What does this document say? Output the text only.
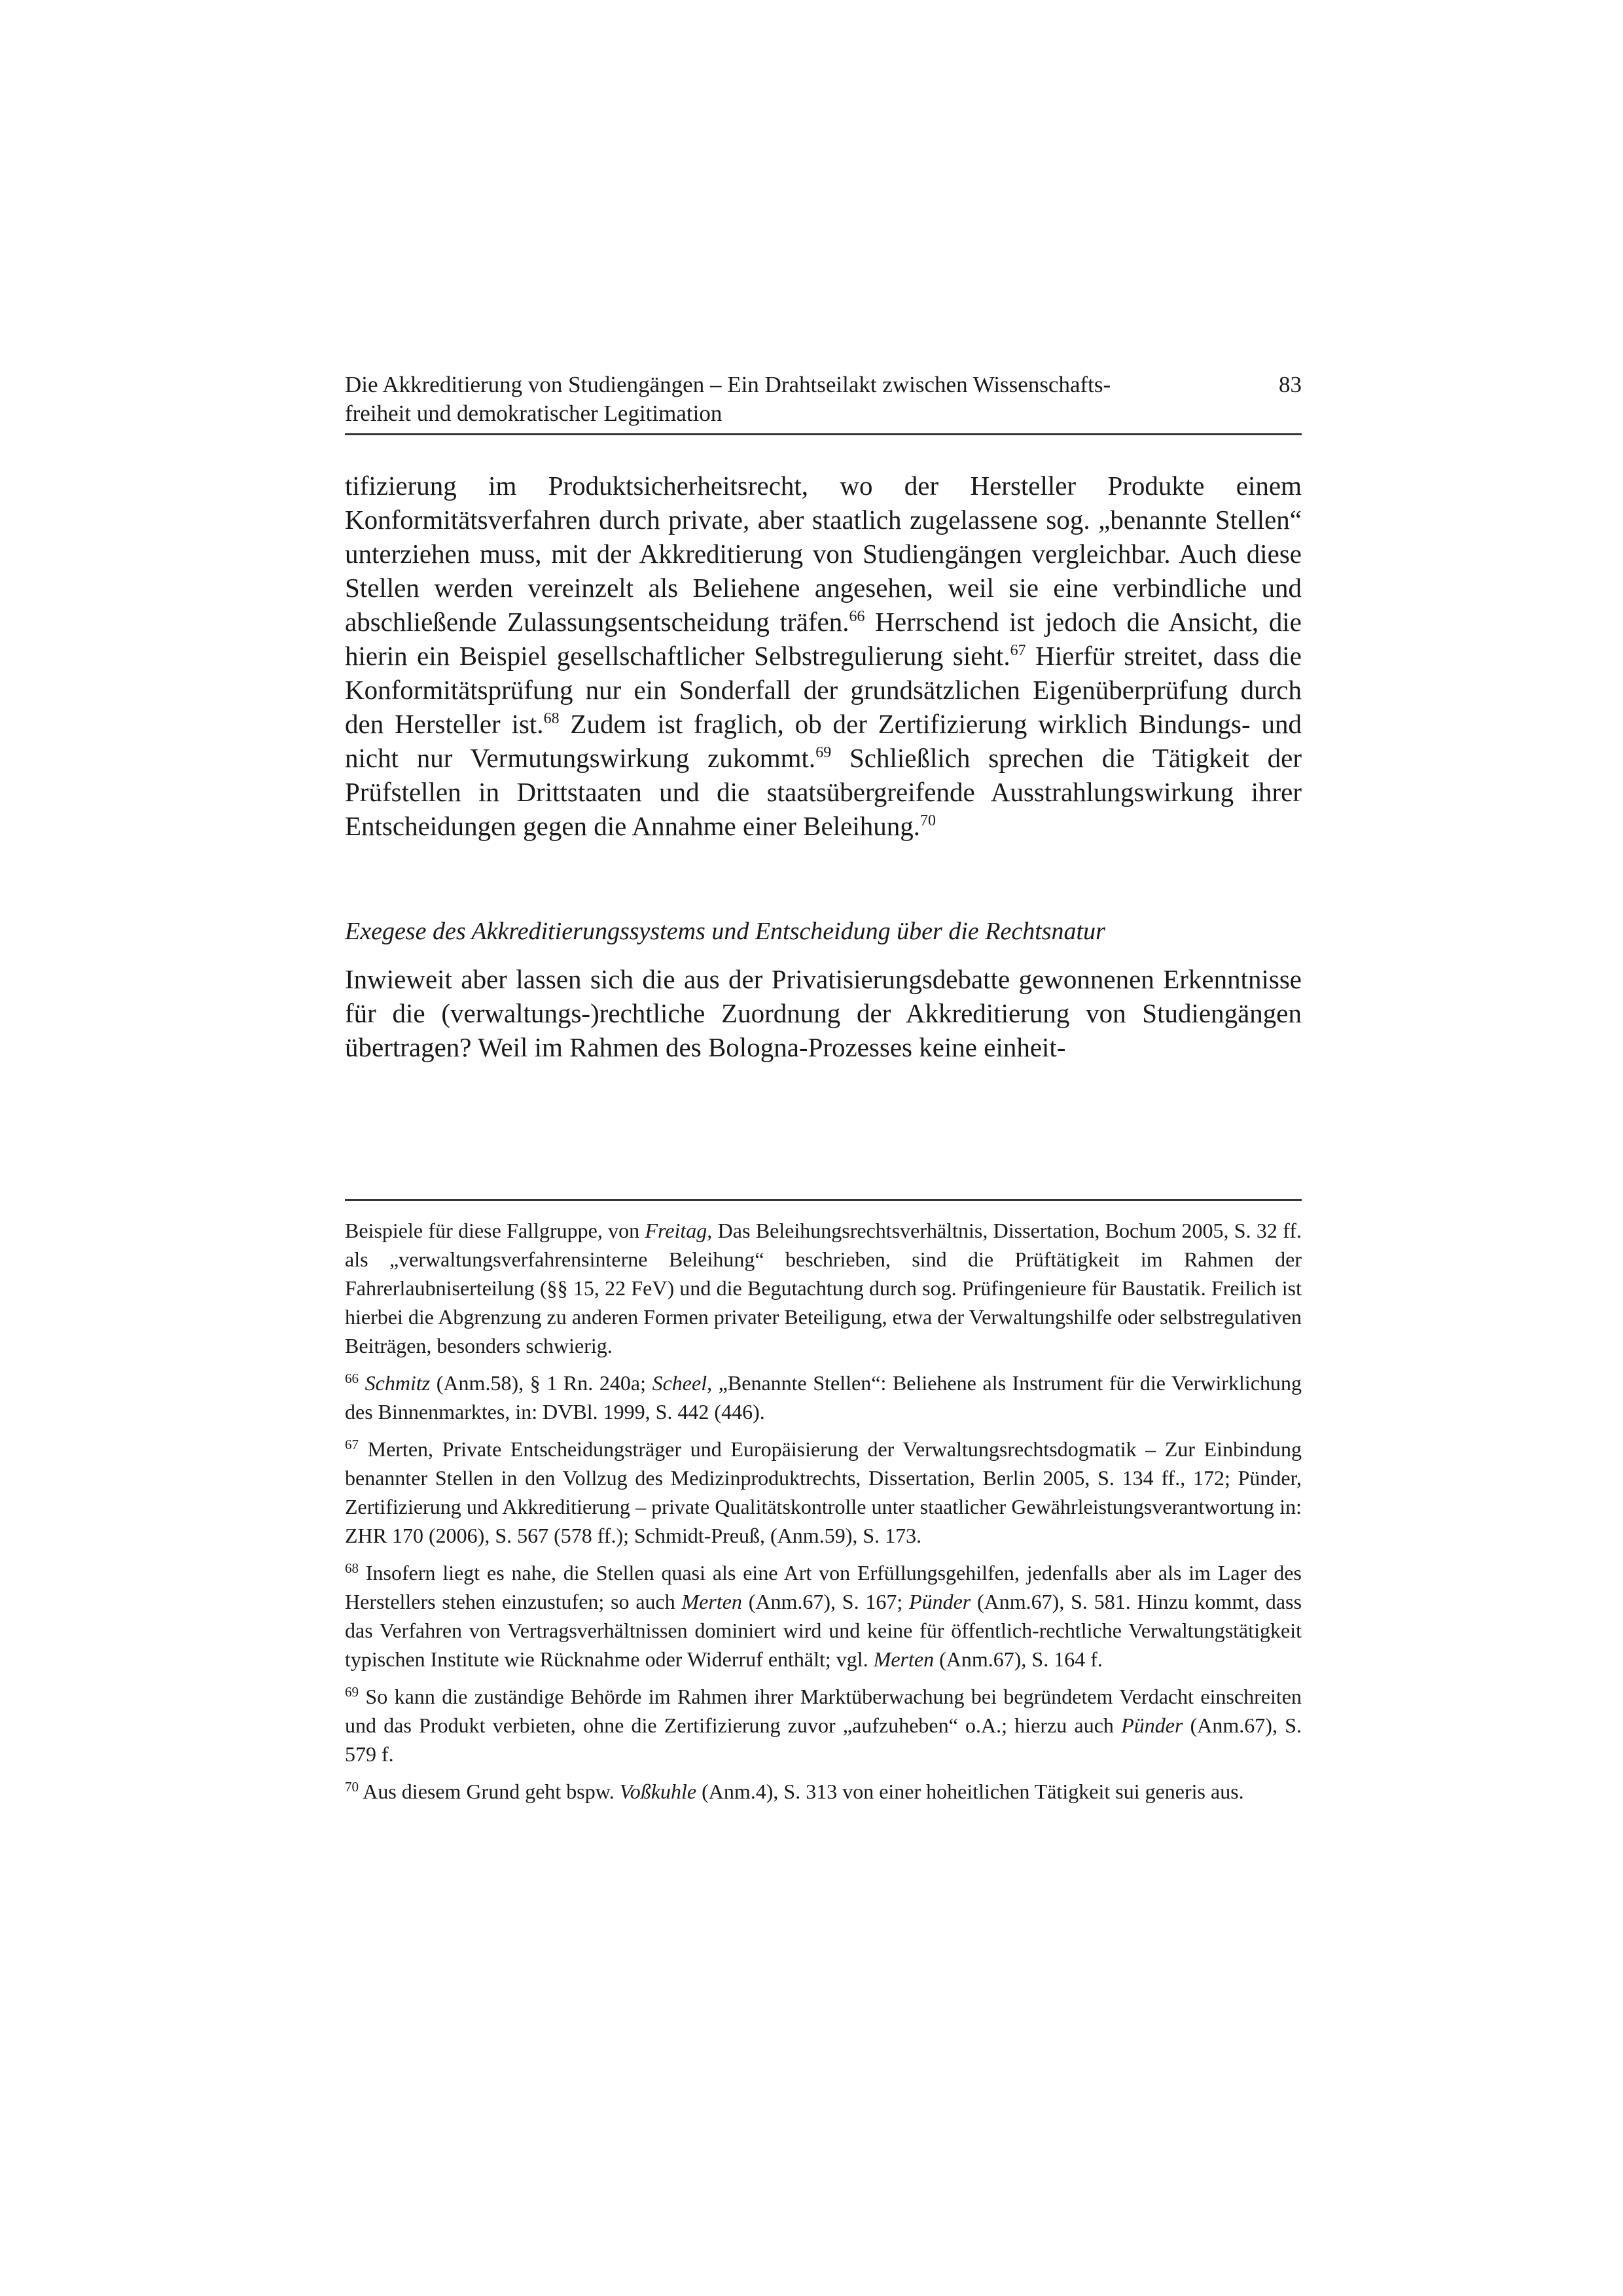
Die Akkreditierung von Studiengängen – Ein Drahtseilakt zwischen Wissenschafts-
freiheit und demokratischer Legitimation
83

tifizierung im Produktsicherheitsrecht, wo der Hersteller Produkte einem Konformitätsverfahren durch private, aber staatlich zugelassene sog. „benannte Stellen“ unterziehen muss, mit der Akkreditierung von Studiengängen vergleichbar. Auch diese Stellen werden vereinzelt als Beliehene angesehen, weil sie eine verbindliche und abschließende Zulassungsentscheidung träfen.$^{66}$ Herrschend ist jedoch die Ansicht, die hierin ein Beispiel gesellschaftlicher Selbstregulierung sieht.$^{67}$ Hierfür streitet, dass die Konformitätsprüfung nur ein Sonderfall der grundsätzlichen Eigenüberprüfung durch den Hersteller ist.$^{68}$ Zudem ist fraglich, ob der Zertifizierung wirklich Bindungs- und nicht nur Vermutungswirkung zukommt.$^{69}$ Schließlich sprechen die Tätigkeit der Prüfstellen in Drittstaaten und die staatsübergreifende Ausstrahlungswirkung ihrer Entscheidungen gegen die Annahme einer Beleihung.$^{70}$

Exegese des Akkreditierungssystems und Entscheidung über die Rechtsnatur

Inwieweit aber lassen sich die aus der Privatisierungsdebatte gewonnenen Erkenntnisse für die (verwaltungs-)rechtliche Zuordnung der Akkreditierung von Studiengängen übertragen? Weil im Rahmen des Bologna-Prozesses keine einheit-

Beispiele für diese Fallgruppe, von Freitag, Das Beleihungsrechtsverhältnis, Dissertation, Bochum 2005, S. 32 ff. als „verwaltungsverfahrensinterne Beleihung“ beschrieben, sind die Prüftätigkeit im Rahmen der Fahrerlaubniserteilung (§§ 15, 22 FeV) und die Begutachtung durch sog. Prüfingenieure für Baustatik. Freilich ist hierbei die Abgrenzung zu anderen Formen privater Beteiligung, etwa der Verwaltungshilfe oder selbstregulativen Beiträgen, besonders schwierig.

$^{66}$ Schmitz (Anm.58), § 1 Rn. 240a; Scheel, „Benannte Stellen“: Beliehene als Instrument für die Verwirklichung des Binnenmarktes, in: DVBl. 1999, S. 442 (446).

$^{67}$ Merten, Private Entscheidungsträger und Europäisierung der Verwaltungsrechtsdogmatik – Zur Einbindung benannter Stellen in den Vollzug des Medizinproduktrechts, Dissertation, Berlin 2005, S. 134 ff., 172; Pünder, Zertifizierung und Akkreditierung – private Qualitätskontrolle unter staatlicher Gewährleistungsverantwortung in: ZHR 170 (2006), S. 567 (578 ff.); Schmidt-Preuß, (Anm.59), S. 173.

$^{68}$ Insofern liegt es nahe, die Stellen quasi als eine Art von Erfüllungsgehilfen, jedenfalls aber als im Lager des Herstellers stehen einzustufen; so auch Merten (Anm.67), S. 167; Pünder (Anm.67), S. 581. Hinzu kommt, dass das Verfahren von Vertragsverhältnissen dominiert wird und keine für öffentlich-rechtliche Verwaltungstätigkeit typischen Institute wie Rücknahme oder Widerruf enthält; vgl. Merten (Anm.67), S. 164 f.

$^{69}$ So kann die zuständige Behörde im Rahmen ihrer Marktüberwachung bei begründetem Verdacht einschreiten und das Produkt verbieten, ohne die Zertifizierung zuvor „aufzuheben“ o.A.; hierzu auch Pünder (Anm.67), S. 579 f.

$^{70}$ Aus diesem Grund geht bspw. Voßkuhle (Anm.4), S. 313 von einer hoheitlichen Tätigkeit sui generis aus.
